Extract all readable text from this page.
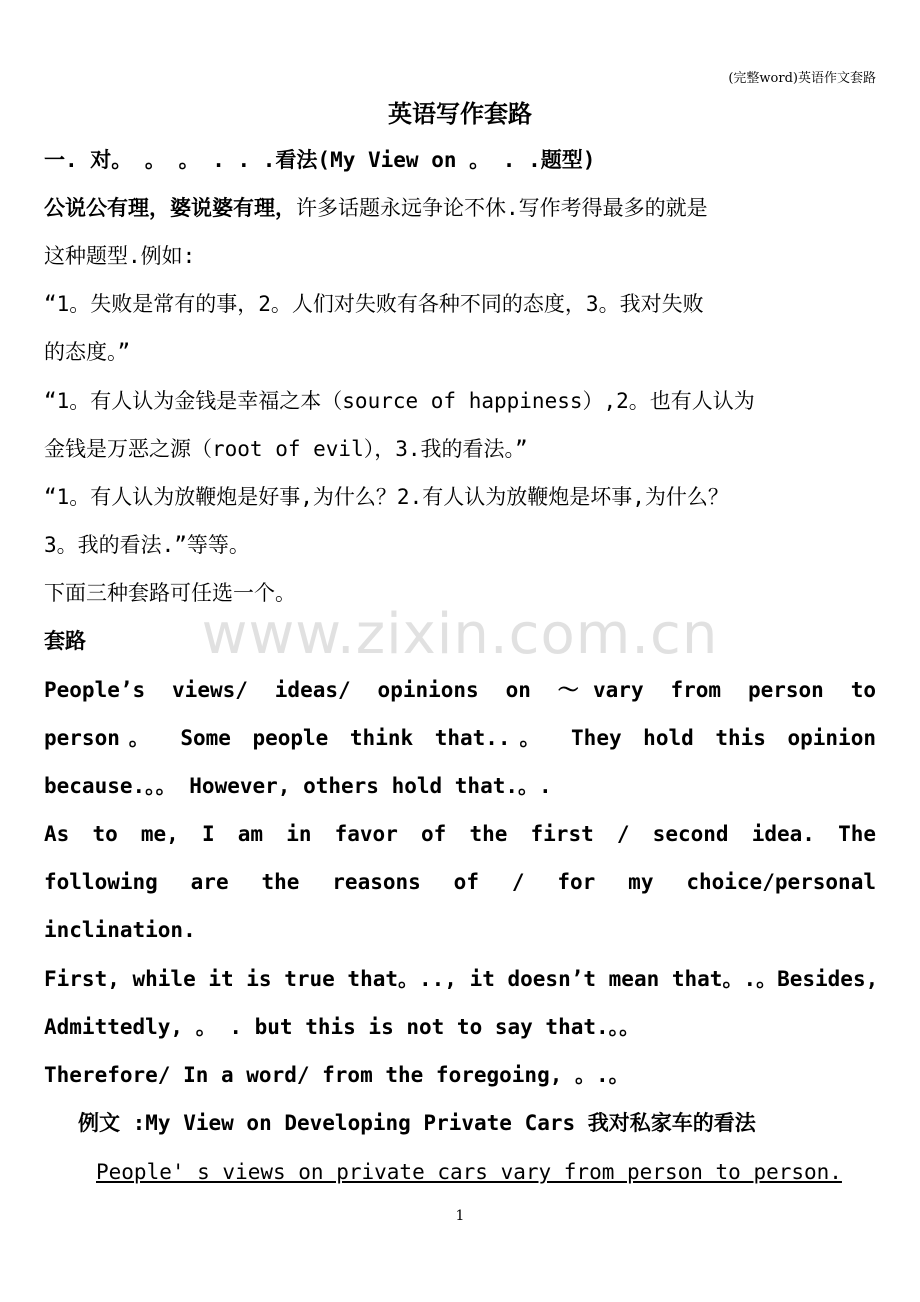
(完整word)英语作文套路
英语写作套路
一. 对。 。 。 . . .看法(My View on 。 . .题型)
公说公有理，婆说婆有理，许多话题永远争论不休.写作考得最多的就是
这种题型.例如:
“1。失败是常有的事，2。人们对失败有各种不同的态度，3。我对失败
的态度。”
“1。有人认为金钱是幸福之本（source of happiness）,2。也有人认为
金钱是万恶之源（root of evil），3.我的看法。”
“1。有人认为放鞭炮是好事,为什么？2.有人认为放鞭炮是坏事,为什么？
3。我的看法.”等等。
下面三种套路可任选一个。
www.zixin.com.cn
套路
People’s views/ ideas/ opinions on ～vary from person to
person。 Some people think that..。 They hold this opinion
because.。。 However, others hold that.。.
As to me, I am in favor of the first / second idea. The
following are the reasons of / for my choice/personal
inclination.
First, while it is true that。.., it doesn’t mean that。.。Besides,
Admittedly, 。 . but this is not to say that.。。
Therefore/ In a word/ from the foregoing, 。.。
例文 :My View on Developing Private Cars 我对私家车的看法
People' s views on private cars vary from person to person.
1
